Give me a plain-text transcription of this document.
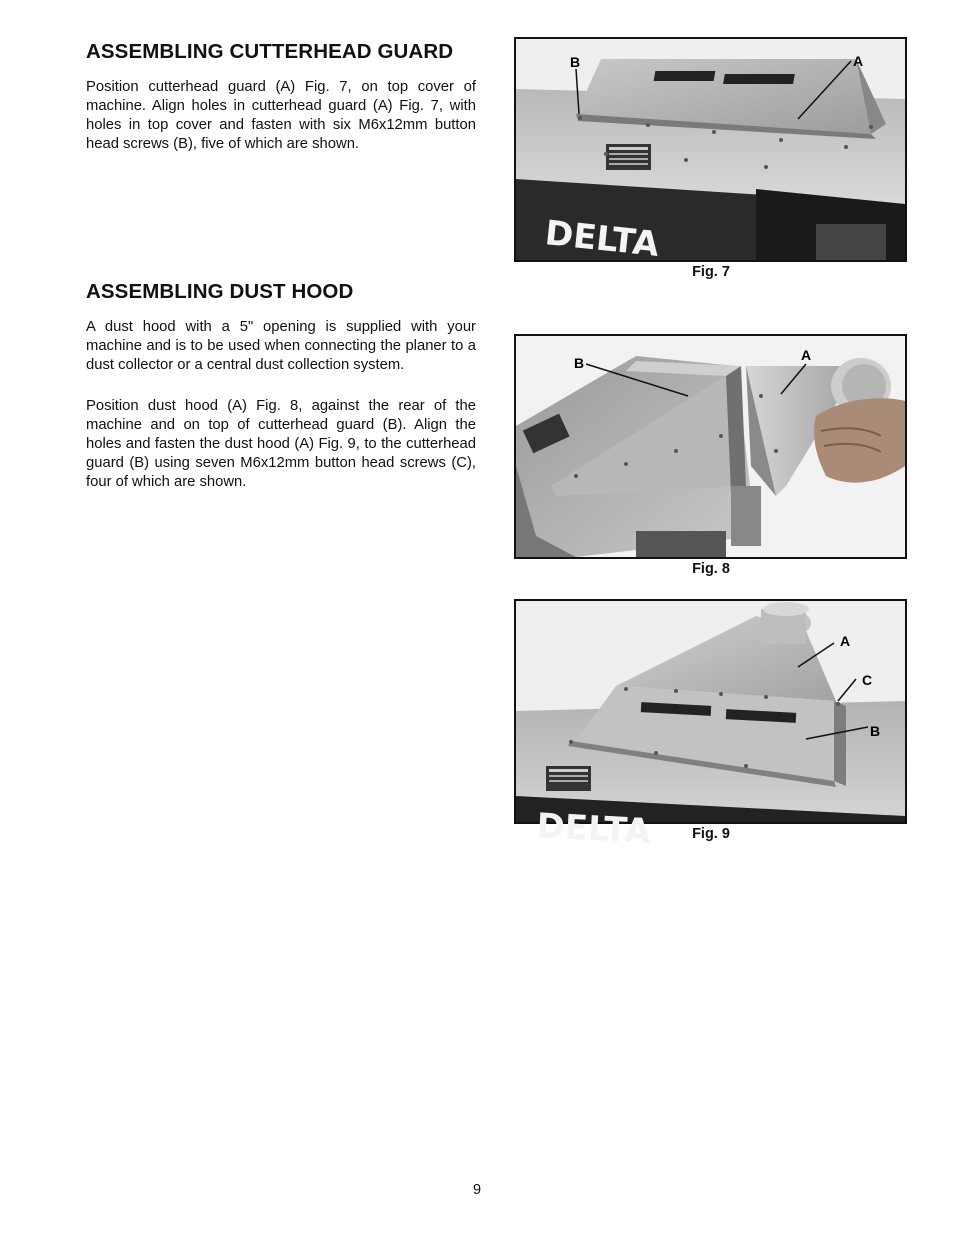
ASSEMBLING CUTTERHEAD GUARD

Position cutterhead guard (A) Fig. 7, on top cover of machine. Align holes in cutterhead guard (A) Fig. 7, with holes in top cover and fasten with six M6x12mm button head screws (B), five of which are shown.

ASSEMBLING DUST HOOD

A dust hood with a 5" opening is supplied with your machine and is to be used when connecting the planer to a dust collector or a central dust collection system.

Position dust hood (A) Fig. 8, against the rear of the machine and on top of cutterhead guard (B). Align the holes and fasten the dust hood (A) Fig. 9, to the cutterhead guard (B) using seven M6x12mm button head screws (C), four of which are shown.

DELTA
B	A
Fig. 7
B	A
Fig. 8
DELTA
A
C
B
Fig. 9
9
